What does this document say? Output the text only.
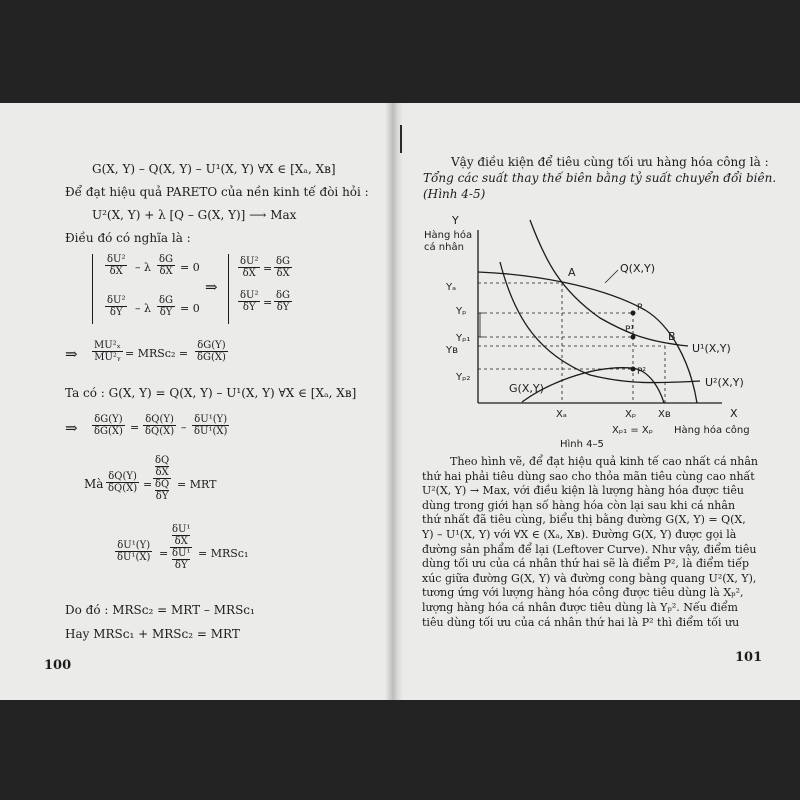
G(X, Y) – Q(X, Y) – U¹(X, Y) ∀X ∈ [Xₐ, Xʙ]
Để đạt hiệu quả PARETO của nền kinh tế đòi hỏi :
U²(X, Y) + λ [Q – G(X, Y)] ⟶ Max
Điều đó có nghĩa là :
$\frac{\text{δU²}}{\delta X} - \lambda \frac{\delta G}{\delta X} = 0$
$\frac{\text{δU²}}{\delta Y} - \lambda \frac{\delta G}{\delta Y} = 0$
⇒
$\frac{\text{δU²}}{\delta X} = \frac{\delta G}{\delta X}$
$\frac{\text{δU²}}{\delta Y} = \frac{\delta G}{\delta Y}$
⇒ $\frac{\text{MU²ₓ}}{\text{MU²ᵧ}}$ = MRSᴄ₂ = $\frac{\delta G(Y)}{\delta G(X)}$
Ta có : G(X, Y) = Q(X, Y) – U¹(X, Y) ∀X ∈ [Xₐ, Xʙ]
⇒ $\frac{\delta G(Y)}{\delta G(X)} = \frac{\delta Q(Y)}{\delta Q(X)} - \frac{\text{δU¹(Y)}}{\text{δU¹(X)}}$
Mà $\frac{\delta Q(Y)}{\delta Q(X)}$ =
δQ
δX
δQ
δY
= MRT
$\frac{\text{δU¹(Y)}}{\text{δU¹(X)}} = \delta U^1$
δX
δU¹
δY = MRSᴄ₁
Do đó : MRSᴄ₂ = MRT – MRSᴄ₁
Hay MRSᴄ₁ + MRSᴄ₂ = MRT
100
Vậy điều kiện để tiêu cùng tối ưu hàng hóa công là :
Tổng các suất thay thế biên bằng tỷ suất chuyển đổi biên.
(Hình 4-5)
Y
Hàng hóa
cá nhân
Yₐ
Yₚ
Yₚ₁
Yʙ
Yₚ₂
A
B
P
P¹
P²
Q(X,Y)
U¹(X,Y)
U²(X,Y)
G(X,Y)
Xₐ	Xₚ Xʙ	X
Xₚ₁ = Xₚ Hàng hóa công
Hình 4–5
Theo hình vẽ, để đạt hiệu quả kinh tế cao nhất cá nhân
thứ hai phải tiêu dùng sao cho thỏa mãn tiêu cùng cao nhất
U²(X, Y) → Max, với điều kiện là lượng hàng hóa được tiêu
dùng trong giới hạn số hàng hóa còn lại sau khi cá nhân
thứ nhất đã tiêu cùng, biểu thị bằng đường G(X, Y) = Q(X,
Y) – U¹(X, Y) với ∀X ∈ (Xₐ, Xʙ). Đường G(X, Y) được gọi là
đường sản phẩm để lại (Leftover Curve). Như vậy, điểm tiêu
dùng tối ưu của cá nhân thứ hai sẽ là điểm P², là điểm tiếp
xúc giữa đường G(X, Y) và đường cong bàng quang U²(X, Y),
tương ứng với lượng hàng hóa công được tiêu dùng là Xₚ²,
lượng hàng hóa cá nhân được tiêu dùng là Yₚ². Nếu điểm
tiêu dùng tối ưu của cá nhân thứ hai là P² thì điểm tối ưu
101
